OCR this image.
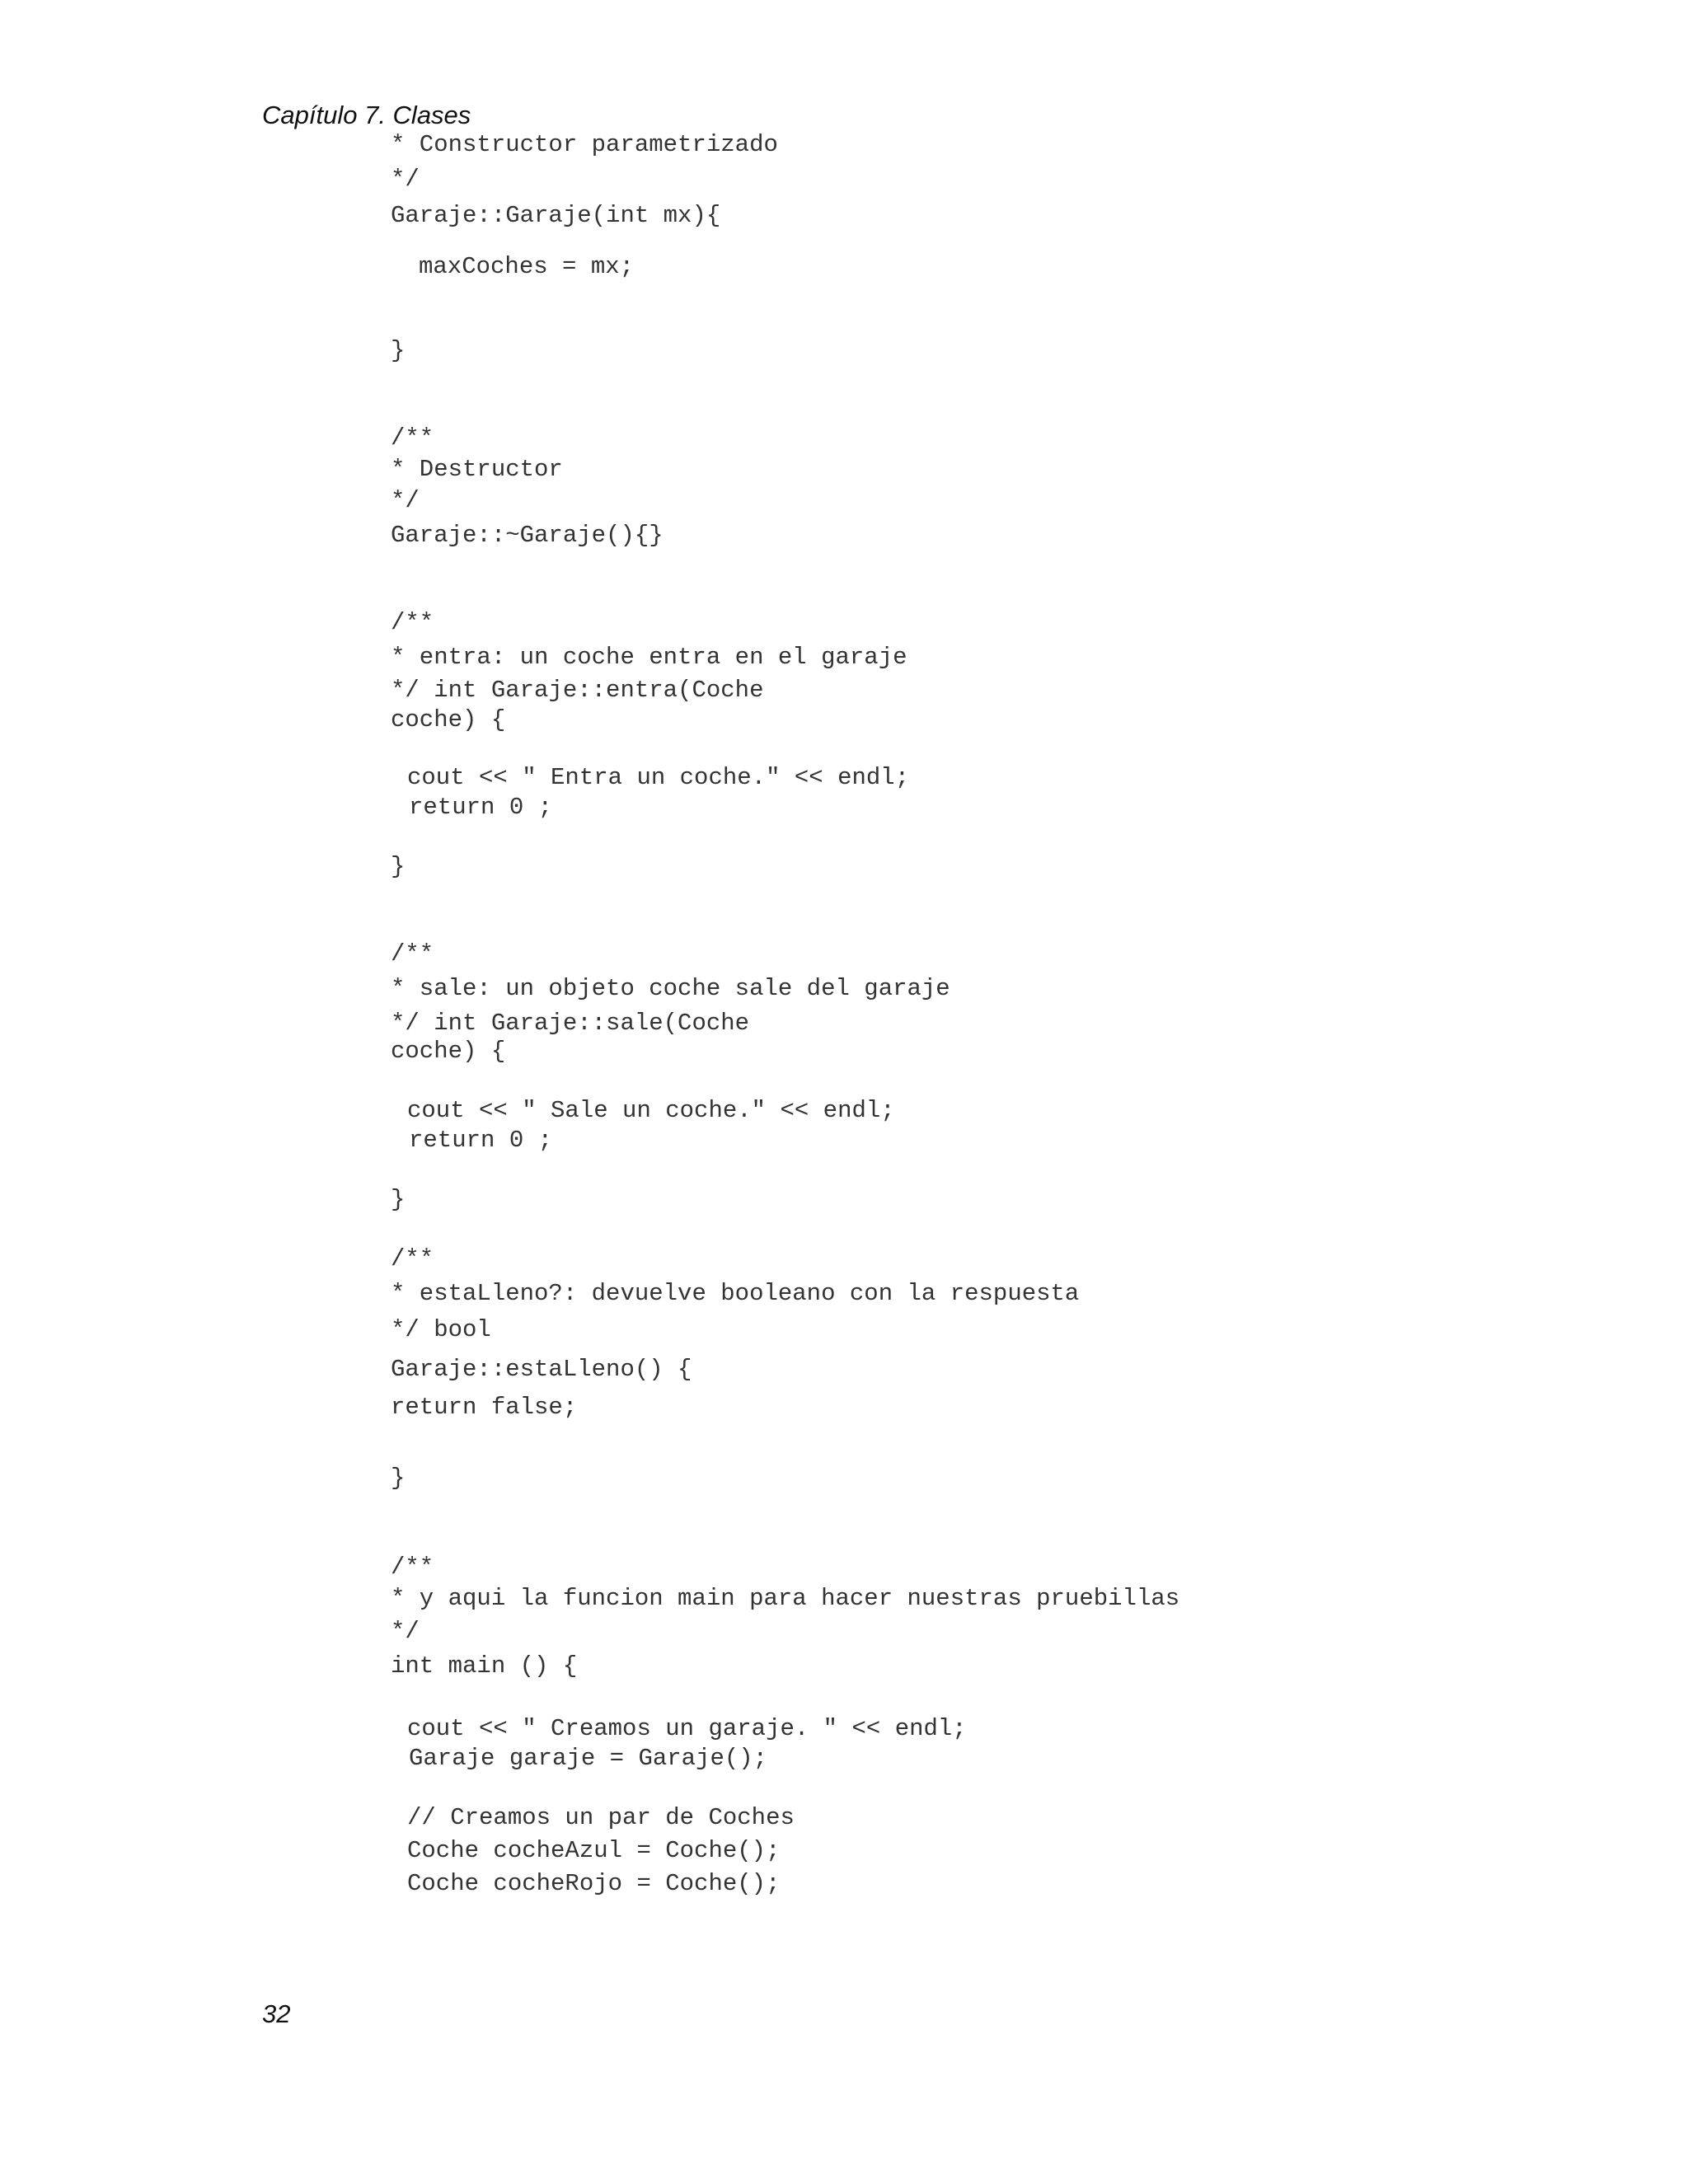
Capítulo 7. Clases
* Constructor parametrizado
*/
Garaje::Garaje(int mx){
maxCoches = mx;
}
/**
* Destructor
*/
Garaje::~Garaje(){}
/**
* entra: un coche entra en el garaje
*/ int Garaje::entra(Coche
coche) {
cout << " Entra un coche." << endl;
return 0 ;
}
/**
* sale: un objeto coche sale del garaje
*/ int Garaje::sale(Coche
coche) {
cout << " Sale un coche." << endl;
return 0 ;
}
/**
* estaLleno?: devuelve booleano con la respuesta
*/ bool
Garaje::estaLleno() {
return false;
}
/**
* y aqui la funcion main para hacer nuestras pruebillas
*/
int main () {
cout << " Creamos un garaje. " << endl;
Garaje garaje = Garaje();
// Creamos un par de Coches
Coche cocheAzul = Coche();
Coche cocheRojo = Coche();
32
